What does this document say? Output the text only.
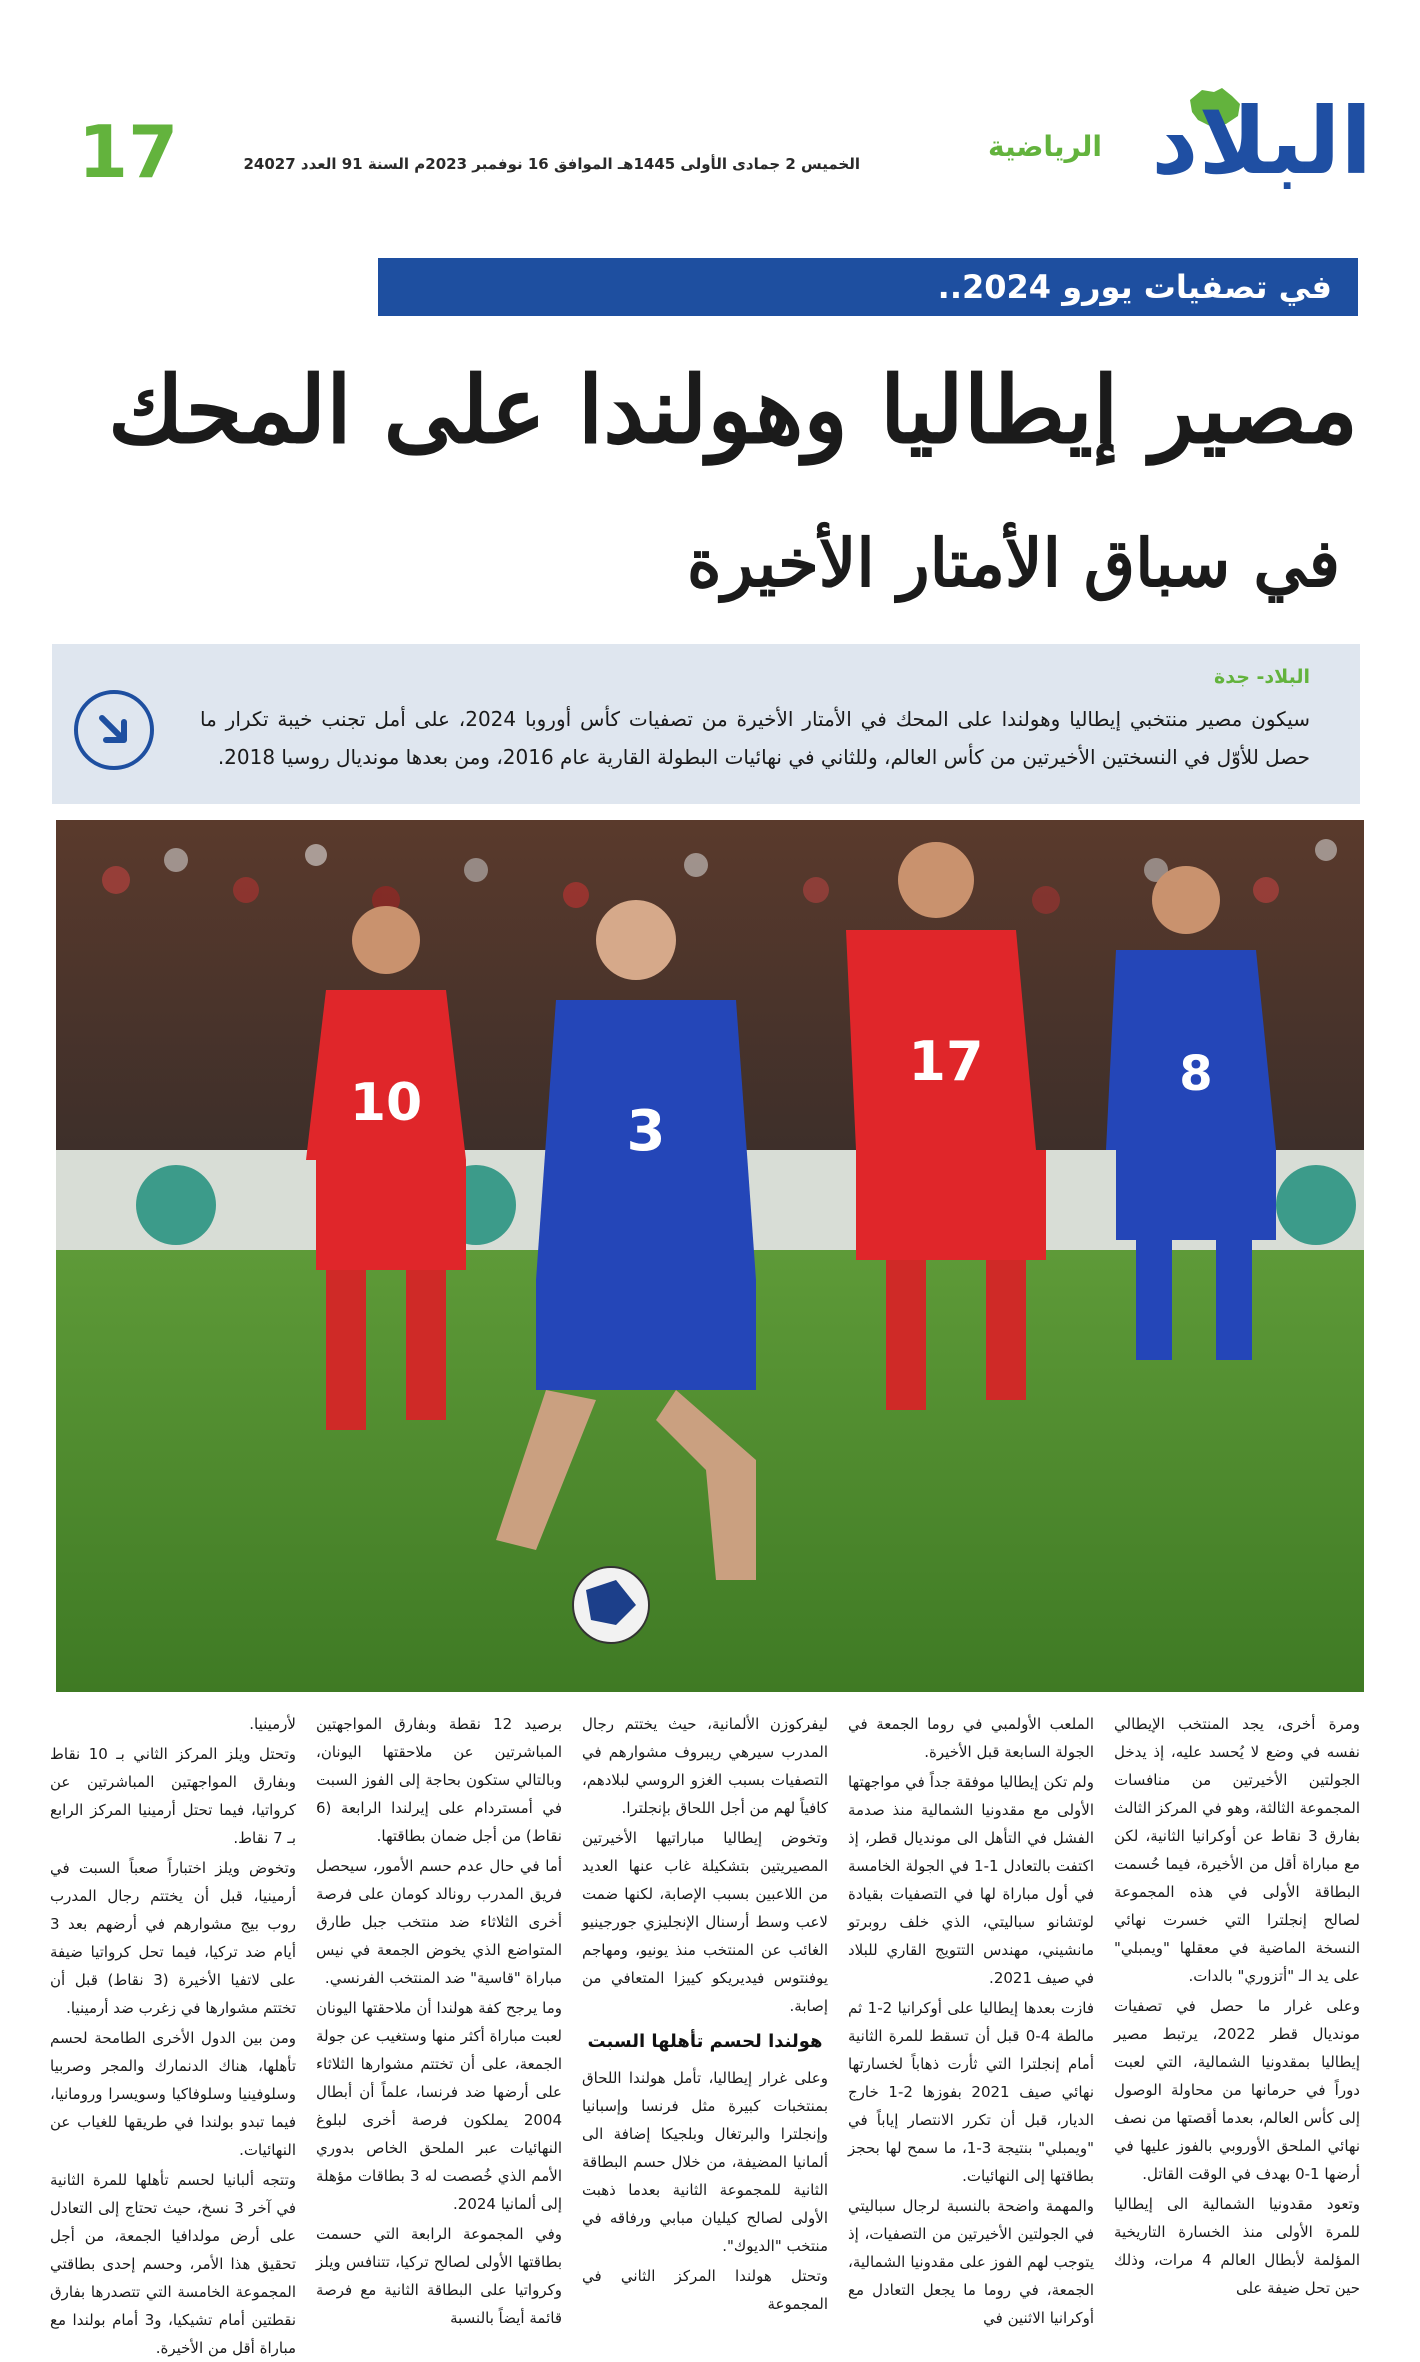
البلاد
الرياضية
الخميس 2 جمادى الأولى 1445هـ الموافق 16 نوفمبر 2023م السنة 91 العدد 24027
17
في تصفيات يورو 2024..
مصير إيطاليا وهولندا على المحك
في سباق الأمتار الأخيرة
البلاد- جدة
سيكون مصير منتخبي إيطاليا وهولندا على المحك في الأمتار الأخيرة من تصفيات كأس أوروبا 2024، على أمل تجنب خيبة تكرار ما حصل للأوّل في النسختين الأخيرتين من كأس العالم، وللثاني في نهائيات البطولة القارية عام 2016، ومن بعدها مونديال روسيا 2018.
10	3
17	8

ومرة أخرى، يجد المنتخب الإيطالي نفسه في وضع لا يُحسد عليه، إذ يدخل الجولتين الأخيرتين من منافسات المجموعة الثالثة، وهو في المركز الثالث بفارق 3 نقاط عن أوكرانيا الثانية، لكن مع مباراة أقل من الأخيرة، فيما حُسمت البطاقة الأولى في هذه المجموعة لصالح إنجلترا التي خسرت نهائي النسخة الماضية في معقلها "ويمبلي" على يد الـ "أتزوري" بالدات.

وعلى غرار ما حصل في تصفيات مونديال قطر 2022، يرتبط مصير إيطاليا بمقدونيا الشمالية، التي لعبت دوراً في حرمانها من محاولة الوصول إلى كأس العالم، بعدما أقصتها من نصف نهائي الملحق الأوروبي بالفوز عليها في أرضها 1-0 بهدف في الوقت القاتل.

وتعود مقدونيا الشمالية الى إيطاليا للمرة الأولى منذ الخسارة التاريخية المؤلمة لأبطال العالم 4 مرات، وذلك حين تحل ضيفة على

الملعب الأولمبي في روما الجمعة في الجولة السابعة قبل الأخيرة.

ولم تكن إيطاليا موفقة جداً في مواجهتها الأولى مع مقدونيا الشمالية منذ صدمة الفشل في التأهل الى مونديال قطر، إذ اكتفت بالتعادل 1-1 في الجولة الخامسة في أول مباراة لها في التصفيات بقيادة لوتشانو سباليتي، الذي خلف روبرتو مانشيني، مهندس التتويج القاري للبلاد في صيف 2021.

فازت بعدها إيطاليا على أوكرانيا 2-1 ثم مالطة 4-0 قبل أن تسقط للمرة الثانية أمام إنجلترا التي ثأرت ذهاباً لخسارتها نهائي صيف 2021 بفوزها 2-1 خارج الديار، قبل أن تكرر الانتصار إياباً في "ويمبلي" بنتيجة 3-1، ما سمح لها بحجز بطاقتها إلى النهائيات.

والمهمة واضحة بالنسبة لرجال سباليتي في الجولتين الأخيرتين من التصفيات، إذ يتوجب لهم الفوز على مقدونيا الشمالية، الجمعة، في روما ما يجعل التعادل مع أوكرانيا الاثنين في

ليفركوزن الألمانية، حيث يختتم رجال المدرب سيرهي ريبروف مشوارهم في التصفيات بسبب الغزو الروسي لبلادهم، كافياً لهم من أجل اللحاق بإنجلترا.

وتخوض إيطاليا مباراتيها الأخيرتين المصيريتين بتشكيلة غاب عنها العديد من اللاعبين بسبب الإصابة، لكنها ضمت لاعب وسط أرسنال الإنجليزي جورجينيو الغائب عن المنتخب منذ يونيو، ومهاجم يوفنتوس فيديريكو كييزا المتعافي من إصابة.

هولندا لحسم تأهلها السبت

وعلى غرار إيطاليا، تأمل هولندا اللحاق بمنتخبات كبيرة مثل فرنسا وإسبانيا وإنجلترا والبرتغال وبلجيكا إضافة الى ألمانيا المضيفة، من خلال حسم البطاقة الثانية للمجموعة الثانية بعدما ذهبت الأولى لصالح كيليان مبابي ورفاقه في منتخب "الديوك".

وتحتل هولندا المركز الثاني في المجموعة

برصيد 12 نقطة وبفارق المواجهتين المباشرتين عن ملاحقتها اليونان، وبالتالي ستكون بحاجة إلى الفوز السبت في أمستردام على إيرلندا الرابعة (6 نقاط) من أجل ضمان بطاقتها.

أما في حال عدم حسم الأمور، سيحصل فريق المدرب رونالد كومان على فرصة أخرى الثلاثاء ضد منتخب جبل طارق المتواضع الذي يخوض الجمعة في نيس مباراة "قاسية" ضد المنتخب الفرنسي.

وما يرجح كفة هولندا أن ملاحقتها اليونان لعبت مباراة أكثر منها وستغيب عن جولة الجمعة، على أن تختتم مشوارها الثلاثاء على أرضها ضد فرنسا، علماً أن أبطال 2004 يملكون فرصة أخرى لبلوغ النهائيات عبر الملحق الخاص بدوري الأمم الذي خُصصت له 3 بطاقات مؤهلة إلى ألمانيا 2024.

وفي المجموعة الرابعة التي حسمت بطاقتها الأولى لصالح تركيا، تتنافس ويلز وكرواتيا على البطاقة الثانية مع فرصة قائمة أيضاً بالنسبة

لأرمينيا.

وتحتل ويلز المركز الثاني بـ 10 نقاط وبفارق المواجهتين المباشرتين عن كرواتيا، فيما تحتل أرمينيا المركز الرابع بـ 7 نقاط.

وتخوض ويلز اختباراً صعباً السبت في أرمينيا، قبل أن يختتم رجال المدرب روب بيج مشوارهم في أرضهم بعد 3 أيام ضد تركيا، فيما تحل كرواتيا ضيفة على لاتفيا الأخيرة (3 نقاط) قبل أن تختتم مشوارها في زغرب ضد أرمينيا.

ومن بين الدول الأخرى الطامحة لحسم تأهلها، هناك الدنمارك والمجر وصربيا وسلوفينيا وسلوفاكيا وسويسرا ورومانيا، فيما تبدو بولندا في طريقها للغياب عن النهائيات.

وتتجه ألبانيا لحسم تأهلها للمرة الثانية في آخر 3 نسخ، حيث تحتاج إلى التعادل على أرض مولدافيا الجمعة، من أجل تحقيق هذا الأمر، وحسم إحدى بطاقتي المجموعة الخامسة التي تتصدرها بفارق نقطتين أمام تشيكيا، و3 أمام بولندا مع مباراة أقل من الأخيرة.
